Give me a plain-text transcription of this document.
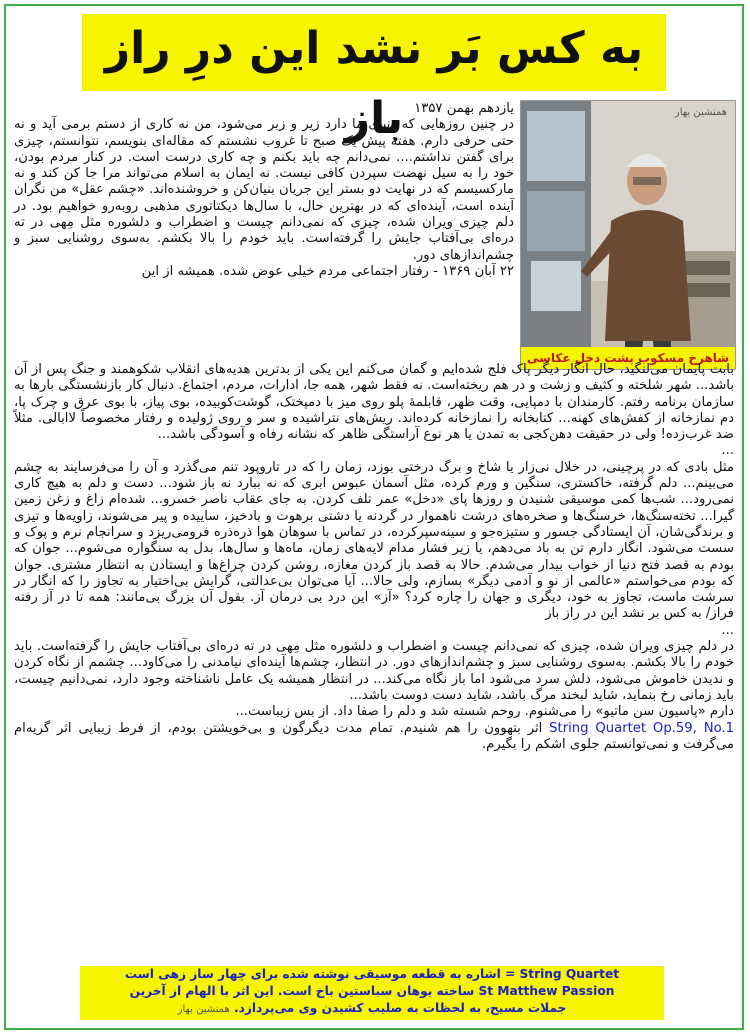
به کس بَر نشد این درِ راز باز	همنشین بهار
شاهرخ مسکوب پشت دخل عکاسی

یازدهم بهمن ۱۳۵۷

در چنین روزهایی که دنیای ما دارد زیر و زبر می‌شود، من نه کاری از دستم برمی آید و نه حتی حرفی دارم. هفتهٔ پیش یک صبح تا غروب نشستم که مقاله‌ای بنویسم، نتوانستم، چیزی برای گفتن نداشتم.... نمی‌دانم چه باید بکنم و چه کاری درست است. در کنار مردم بودن، خود را به سیل نهضت سپردن کافی نیست. نه ایمان به اسلام می‌تواند مرا جا کن کند و نه مارکسیسم که در نهایت دو بستر این جریان بنیان‌کن و خروشنده‌اند. «چشم عقل» من نگران آینده است، آینده‌ای که در بهترین حال، با سال‌ها دیکتاتوری مذهبی روبه‌رو خواهیم بود. در دلم چیزی ویران شده، چیزی که نمی‌دانم چیست و اضطراب و دلشوره مثل مِهی در ته دره‌ای بی‌آفتاب جایش را گرفته‌است. باید خودم را بالا بکشم. به‌سوی روشنایی سبز و چشم‌اندازهای دور.

۲۲ آبان ۱۳۶۹ - رفتار اجتماعی مردم خیلی عوض شده. همیشه از این

بابت پایمان می‌لنگید، حال انگار دیگر پاک فلج شده‌ایم و گمان می‌کنم این یکی از بدترین هدیه‌های انقلاب شکوهمند و جنگ پس از آن باشد... شهر شلخته و کثیف و زشت و در هم ریخته‌است. نه فقط شهر، همه جا، ادارات، مردم، اجتماع. دنبال کار بازنشستگی بارها به سازمان برنامه رفتم. کارمندان با دمپایی، وقت ظهر، قابلمهٔ پلو روی میز با دمپختک، گوشت‌کوبیده، بوی پیاز، با بوی عرق و چرک پا، دم نمازخانه از کفش‌های کهنه... کتابخانه را نمازخانه کرده‌اند. ریش‌های نتراشیده و سر و روی ژولیده و رفتار مخصوصاً لاابالی. مثلاً ضد غرب‌زده! ولی در حقیقت دهن‌کجی به تمدن یا هر نوع آراستگی ظاهر که نشانه رفاه و آسودگی باشد...

...

مثل بادی که در پرچینی، در خلال نی‌زار یا شاخ و برگ درختی بوزد، زمان را که در تاروپود تنم می‌گذرد و آن را می‌فرسایند به چشم می‌بینم... دلم گرفته، خاکستری، سنگین و ورم کرده، مثل آسمان عبوس ابری که نه ببارد نه باز شود... دست و دلم به هیچ کاری نمی‌رود... شب‌ها کمی موسیقی شنیدن و روزها پای «دخل» عمر تلف کردن. به جای عقاب ناصر خسرو... شده‌ام زاغ و زغن زمین گیرا... تخته‌سنگ‌ها، خرسنگ‌ها و صخره‌های درشت ناهموار در گردنه یا دشتی برهوت و بادخیز، ساییده و پیر می‌شوند، زاویه‌ها و تیزی و برندگی‌شان، آن ایستادگی جسور و ستیزه‌جو و سینه‌سپرکرده، در تماس با سوهان هوا ذره‌ذره فرومی‌ریزد و سرانجام نرم و پوک و سست می‌شود. انگار دارم تن به باد می‌دهم، یا زیر فشار مدام لایه‌های زمان، ماه‌ها و سال‌ها، بدل به سنگواره می‌شوم... جوان که بودم به قصد فتح دنیا از خواب بیدار می‌شدم. حالا به قصد باز کردن مغازه، روشن کردن چراغ‌ها و ایستادن به انتظار مشتری. جوان که بودم می‌خواستم «عالمی از نو و آدمی دیگر» بسازم، ولی حالا... آیا می‌توان بی‌عدالتی، گرایش بی‌اختیار به تجاوز را که انگار در سرشت ماست، تجاوز به خود، دیگری و جهان را چاره کرد؟ «آز» این درد بی درمان آز. بقول آن بزرگ بی‌مانند: همه تا در آز رفته فراز/ به کس بر نشد این در راز باز

...

در دلم چیزی ویران شده، چیزی که نمی‌دانم چیست و اضطراب و دلشوره مثل مِهی در ته دره‌ای بی‌آفتاب جایش را گرفته‌است. باید خودم را بالا بکشم. به‌سوی روشنایی سبز و چشم‌اندازهای دور. در انتظار، چشم‌ها آینده‌ای نیامدنی را می‌کاود... چشمم از نگاه کردن و ندیدن خاموش می‌شود، دلش سرد می‌شود اما باز نگاه می‌کند... در انتظار همیشه یک عامل ناشناخته وجود دارد، نمی‌دانیم چیست، باید زمانی رخ بنماید، شاید لبخند مرگ باشد، شاید دست دوست باشد...

دارم «پاسیون سن ماتیو» را می‌شنوم. روحم شسته شد و دلم را صفا داد. از بس زیباست...

String Quartet Op.59, No.1 اثر بتهوون را هم شنیدم. تمام مدت دیگرگون و بی‌خویشتن بودم، از فرط زیبایی اثر گریه‌ام می‌گرفت و نمی‌توانستم جلوی اشکم را بگیرم.

String Quartet = اشاره به قطعه موسیقی نوشته شده برای چهار ساز زهی است
St Matthew Passion ساخته یوهان سباستین باخ است. این اثر با الهام از آخرین
جملات مسیح، به لحظات به صلیب کشیدن وی می‌پردازد. همنشین بهار
